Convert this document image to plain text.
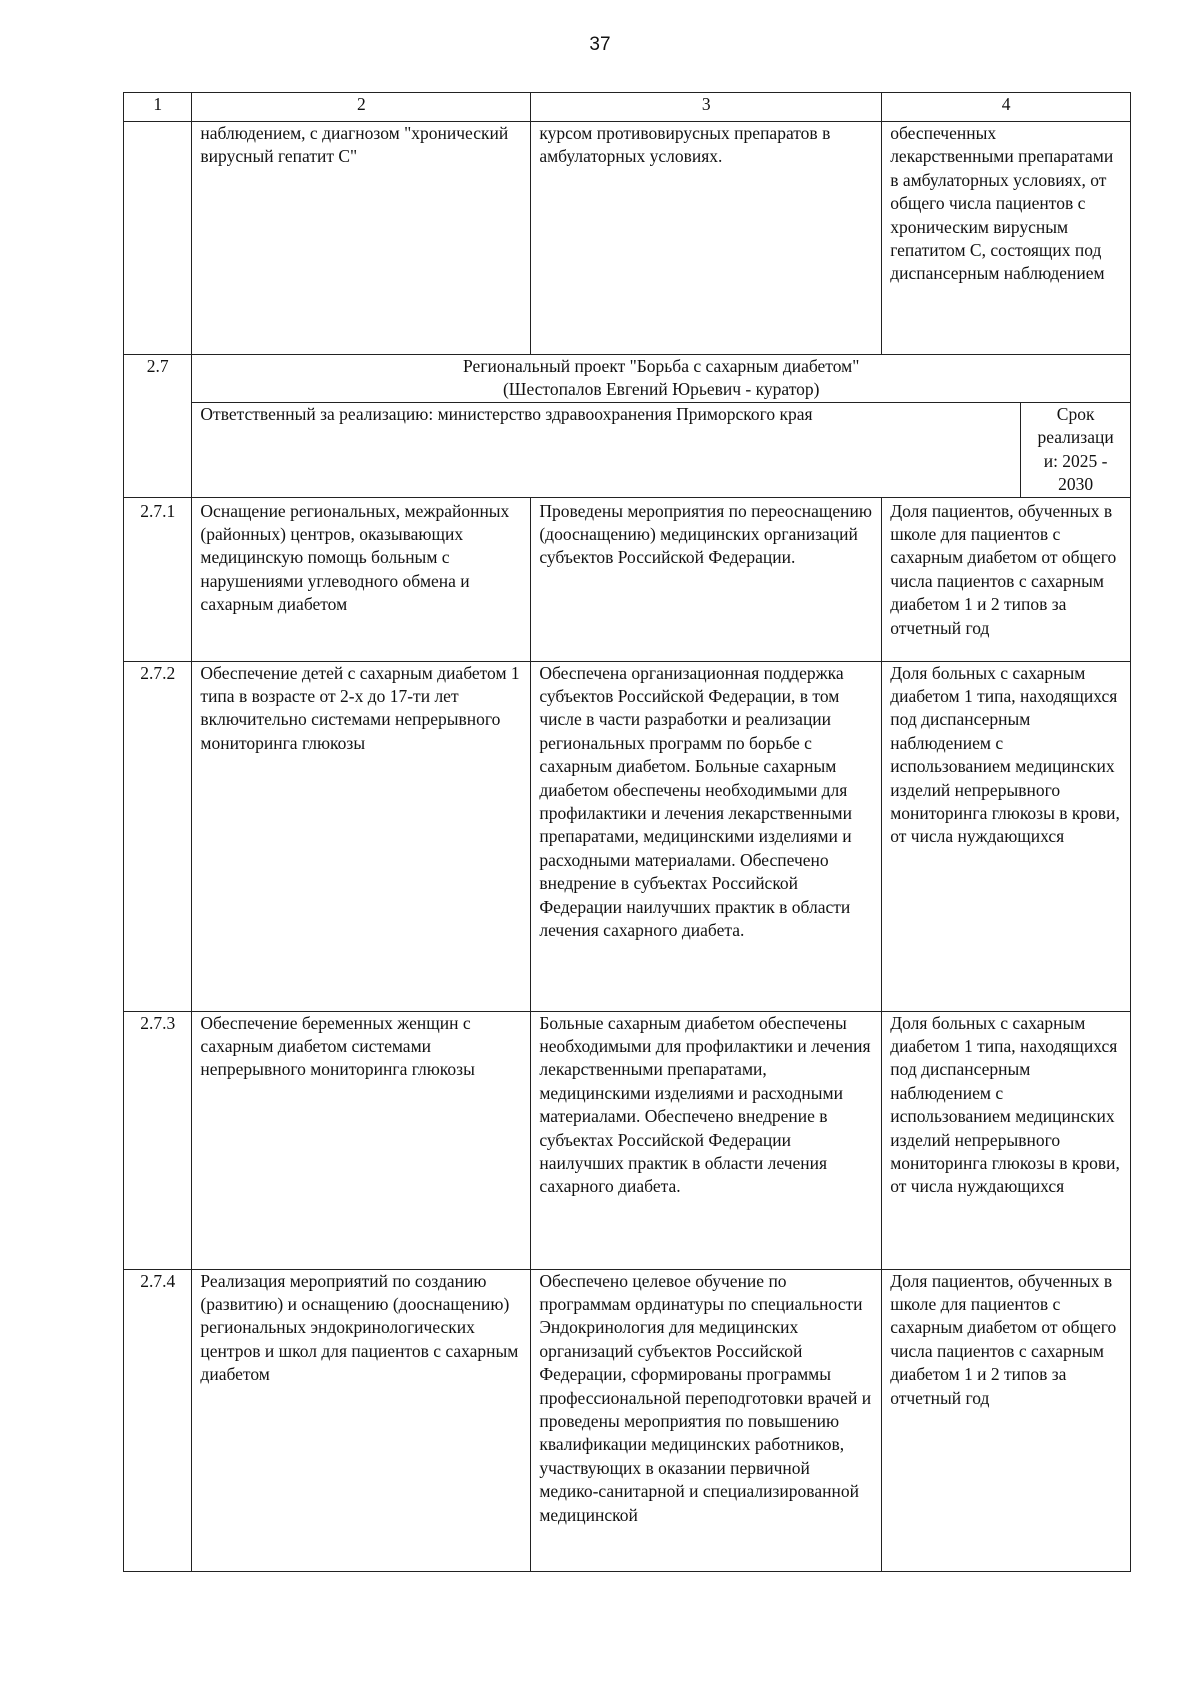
37
1	2	3	4	
	наблюдением, с диагнозом "хронический вирусный гепатит С"	курсом противовирусных препаратов в амбулаторных условиях.	обеспеченных лекарственными препаратами в амбулаторных условиях, от общего числа пациентов с хроническим вирусным гепатитом С, состоящих под диспансерным наблюдением	
2.7	Региональный проект "Борьба с сахарным диабетом"
(Шестопалов Евгений Юрьевич - куратор)			

	Ответственный за реализацию: министерство здравоохранения Приморского края			Срок реализаци и: 2025 - 2030
2.7.1	Оснащение региональных, межрайонных (районных) центров, оказывающих медицинскую помощь больным с нарушениями углеводного обмена и сахарным диабетом	Проведены мероприятия по переоснащению (дооснащению) медицинских организаций субъектов Российской Федерации.	Доля пациентов, обученных в школе для пациентов с сахарным диабетом от общего числа пациентов с сахарным диабетом 1 и 2 типов за отчетный год	
2.7.2	Обеспечение детей с сахарным диабетом 1 типа в возрасте от 2-х до 17-ти лет включительно системами непрерывного мониторинга глюкозы	Обеспечена организационная поддержка субъектов Российской Федерации, в том числе в части разработки и реализации региональных программ по борьбе с сахарным диабетом. Больные сахарным диабетом обеспечены необходимыми для профилактики и лечения лекарственными препаратами, медицинскими изделиями и расходными материалами. Обеспечено внедрение в субъектах Российской Федерации наилучших практик в области лечения сахарного диабета.	Доля больных с сахарным диабетом 1 типа, находящихся под диспансерным наблюдением с использованием медицинских изделий непрерывного мониторинга глюкозы в крови, от числа нуждающихся	
2.7.3	Обеспечение беременных женщин с сахарным диабетом системами непрерывного мониторинга глюкозы	Больные сахарным диабетом обеспечены необходимыми для профилактики и лечения лекарственными препаратами, медицинскими изделиями и расходными материалами. Обеспечено внедрение в субъектах Российской Федерации наилучших практик в области лечения сахарного диабета.	Доля больных с сахарным диабетом 1 типа, находящихся под диспансерным наблюдением с использованием медицинских изделий непрерывного мониторинга глюкозы в крови, от числа нуждающихся	
2.7.4	Реализация мероприятий по созданию (развитию) и оснащению (дооснащению) региональных эндокринологических центров и школ для пациентов с сахарным диабетом	Обеспечено целевое обучение по программам ординатуры по специальности Эндокринология для медицинских организаций субъектов Российской Федерации, сформированы программы профессиональной переподготовки врачей и проведены мероприятия по повышению квалификации медицинских работников, участвующих в оказании первичной медико-санитарной и специализированной медицинской	Доля пациентов, обученных в школе для пациентов с сахарным диабетом от общего числа пациентов с сахарным диабетом 1 и 2 типов за отчетный год	
